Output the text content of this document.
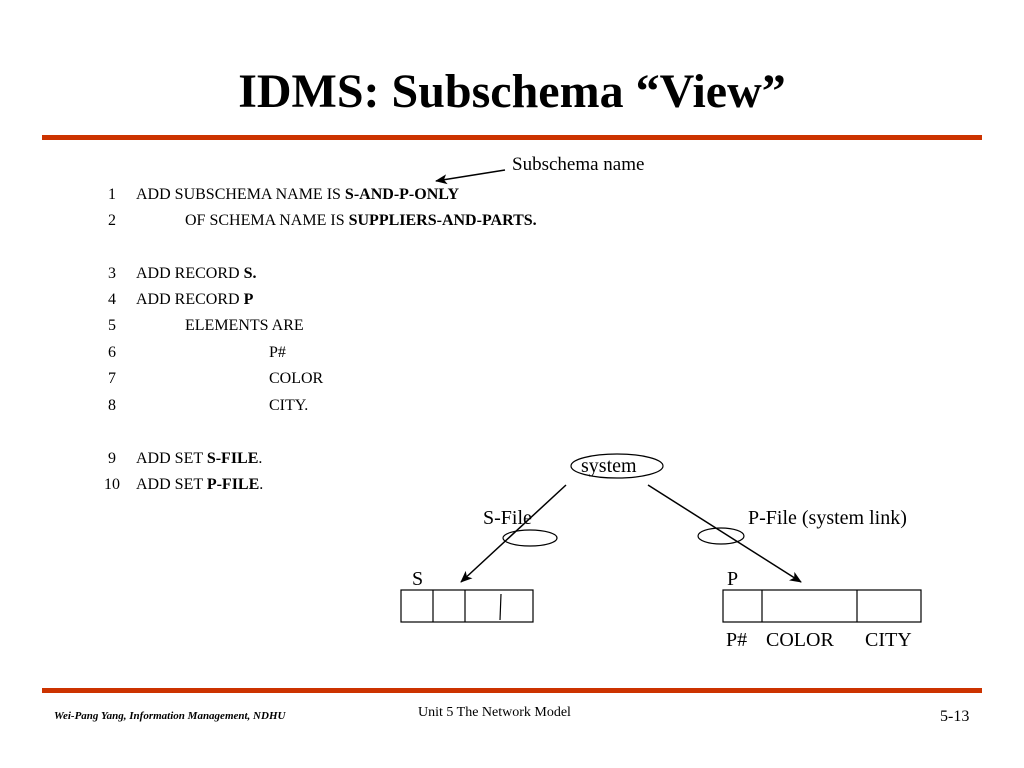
IDMS: Subschema “View”
1 ADD SUBSCHEMA NAME IS S-AND-P-ONLY
2	OF SCHEMA NAME IS SUPPLIERS-AND-PARTS.
3 ADD RECORD S.
4 ADD RECORD P
5	ELEMENTS ARE
6	P#
7	COLOR
8	CITY.
9 ADD SET S-FILE.
10 ADD SET P-FILE.
Subschema name
system
S-File	P-File (system link)
S	P
P# COLOR CITY
Wei-Pang Yang, Information Management, NDHU	Unit 5 The Network Model	5-13
